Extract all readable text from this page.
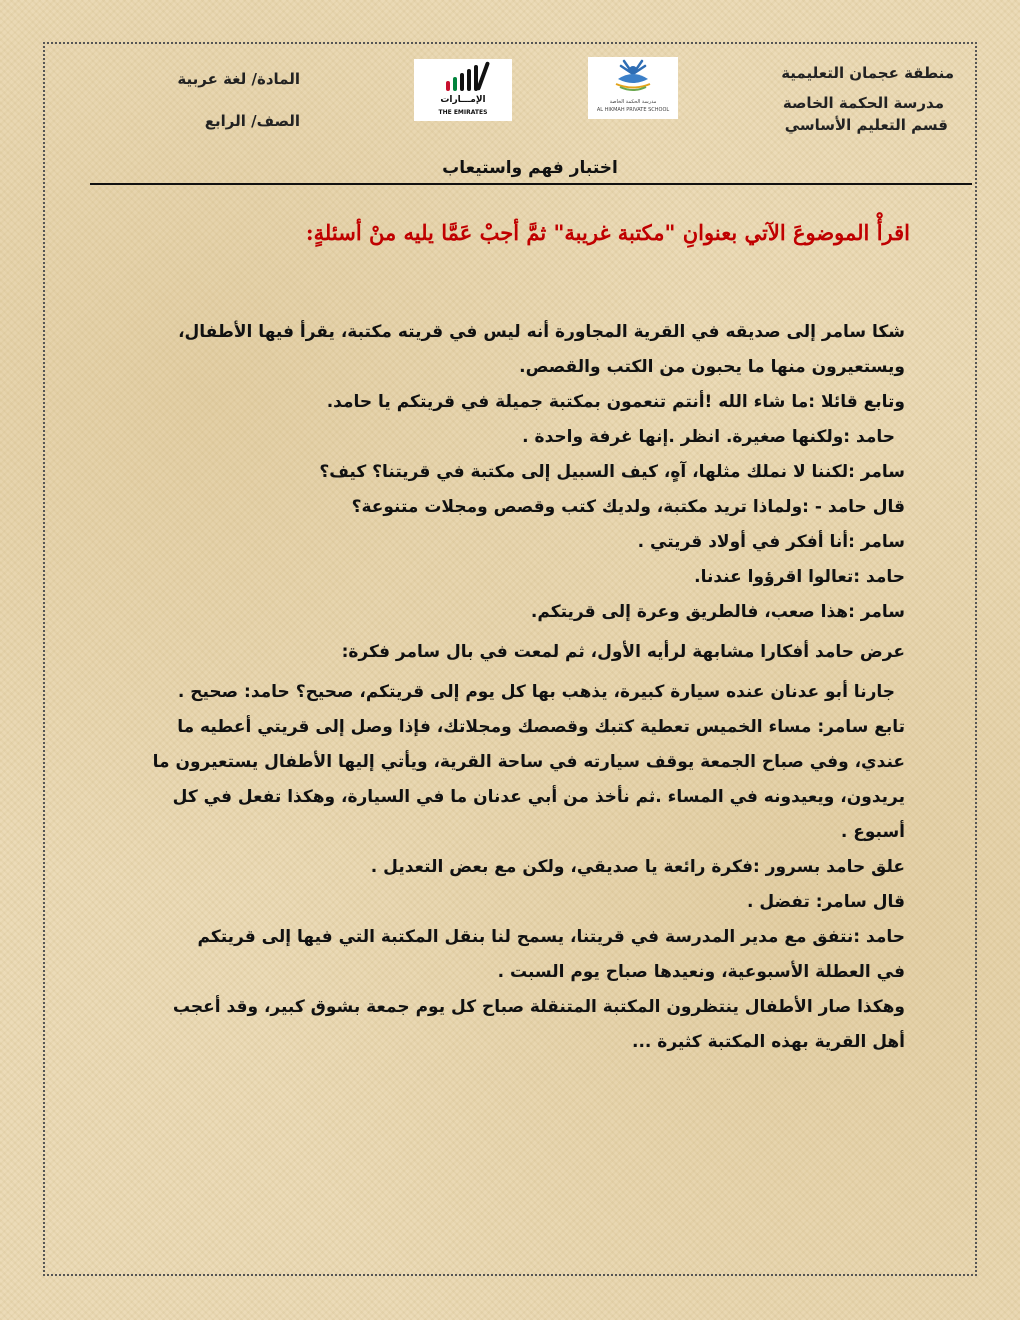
منطقة عجمان التعليمية
مدرسة الحكمة الخاصة
قسم التعليم الأساسي
المادة/ لغة عربية
الصف/ الرابع
مدرسة الحكمة الخاصة
AL HIKMAH PRIVATE SCHOOL
الإمـــارات
THE EMIRATES
اختبار فهم واستيعاب
اقرأْ الموضوعَ الآتي بعنوانِ "مكتبة غريبة" ثمَّ أجبْ عَمَّا يليه منْ أسئلةٍ:

شكا سامر إلى صديقه في القرية المجاورة أنه ليس في قريته مكتبة، يقرأ فيها الأطفال، ويستعيرون منها ما يحبون من الكتب والقصص.

وتابع قائلا :ما شاء الله !أنتم تنعمون بمكتبة جميلة في قريتكم يا حامد.

حامد :ولكنها صغيرة. انظر .إنها غرفة واحدة .

سامر :لكننا لا نملك مثلها، آهٍ، كيف السبيل إلى مكتبة في قريتنا؟ كيف؟

قال حامد - :ولماذا تريد مكتبة، ولديك كتب وقصص ومجلات متنوعة؟

سامر :أنا أفكر في أولاد قريتي .

حامد :تعالوا اقرؤوا عندنا.

سامر :هذا صعب، فالطريق وعرة إلى قريتكم.

عرض حامد أفكارا مشابهة لرأيه الأول، ثم لمعت في بال سامر فكرة:

جارنا أبو عدنان عنده سيارة كبيرة، يذهب بها كل يوم إلى قريتكم، صحيح؟ حامد: صحيح .

تابع سامر: مساء الخميس تعطية كتبك وقصصك ومجلاتك، فإذا وصل إلى قريتي أعطيه ما عندي، وفي صباح الجمعة يوقف سيارته في ساحة القرية، ويأتي إليها الأطفال يستعيرون ما يريدون، ويعيدونه في المساء .ثم نأخذ من أبي عدنان ما في السيارة، وهكذا تفعل في كل أسبوع .

علق حامد بسرور :فكرة رائعة يا صديقي، ولكن مع بعض التعديل .

قال سامر: تفضل .

حامد :نتفق مع مدير المدرسة في قريتنا، يسمح لنا بنقل المكتبة التي فيها إلى قريتكم

في العطلة الأسبوعية، ونعيدها صباح يوم السبت .

وهكذا صار الأطفال ينتظرون المكتبة المتنقلة صباح كل يوم جمعة بشوق كبير، وقد أعجب أهل القرية بهذه المكتبة كثيرة ...
